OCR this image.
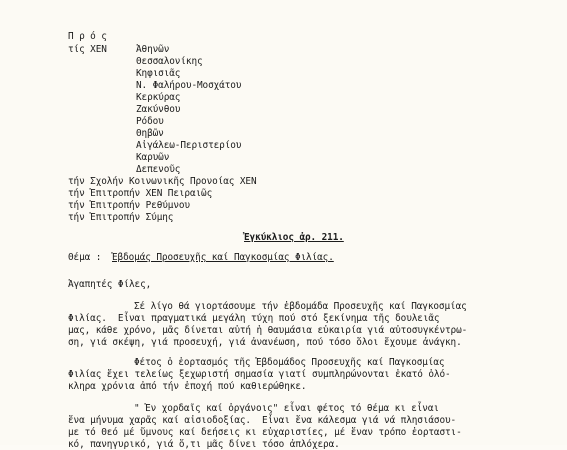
Π ρ ό ς
τίς ΧΕΝ	Ἀθηνῶν
Θεσσαλονίκης
Κηφισιᾶς
Ν. Φαλήρου-Μοσχάτου
Κερκύρας
Ζακύνθου
Ρόδου
Θηβῶν
Αἰγάλεω-Περιστερίου
Καρυῶν
Δεπενοῦς
τήν Σχολήν Κοινωνικῆς Προνοίας ΧΕΝ
τήν Ἐπιτροπήν ΧΕΝ Πειραιῶς
τήν Ἐπιτροπήν Ρεθύμνου
τήν Ἐπιτροπήν Σύμης
Ἐγκύκλιος ἀρ. 211.
Θέμα : Ἑβδομάς Προσευχῆς καί Παγκοσμίας Φιλίας.
Ἀγαπητές Φίλες,
Σέ λίγο θά γιορτάσουμε τήν ἑβδομάδα Προσευχῆς καί Παγκοσμίας
Φιλίας.  Εἶναι πραγματικά μεγάλη τύχη πού στό ξεκίνημα τῆς δουλειᾶς
μας, κάθε χρόνο, μᾶς δίνεται αὐτή ἡ θαυμάσια εὐκαιρία γιά αὐτοσυγκέντρω-
ση, γιά σκέψη, γιά προσευχή, γιά ἀνανέωση, πού τόσο ὅλοι ἔχουμε ἀνάγκη.
Φέτος ὁ ἑορτασμός τῆς Ἑβδομάδος Προσευχῆς καί Παγκοσμίας
Φιλίας ἔχει τελείως ξεχωριστή σημασία γιατί συμπληρώνονται ἑκατό ὁλό-
κληρα χρόνια ἀπό τήν ἐποχή πού καθιερώθηκε.
" Ἐν χορδαῖς καί ὀργάνοις" εἶναι φέτος τό θέμα κι εἶναι
ἕνα μήνυμα χαρᾶς καί αἰσιοδοξίας.  Εἶναι ἕνα κάλεσμα γιά νά πλησιάσου-
με τό Θεό μέ ὕμνους καί δεήσεις κι εὐχαριστίες, μέ ἕναν τρόπο ἑορταστι-
κό, πανηγυρικό, γιά ὅ,τι μᾶς δίνει τόσο ἁπλόχερα.
